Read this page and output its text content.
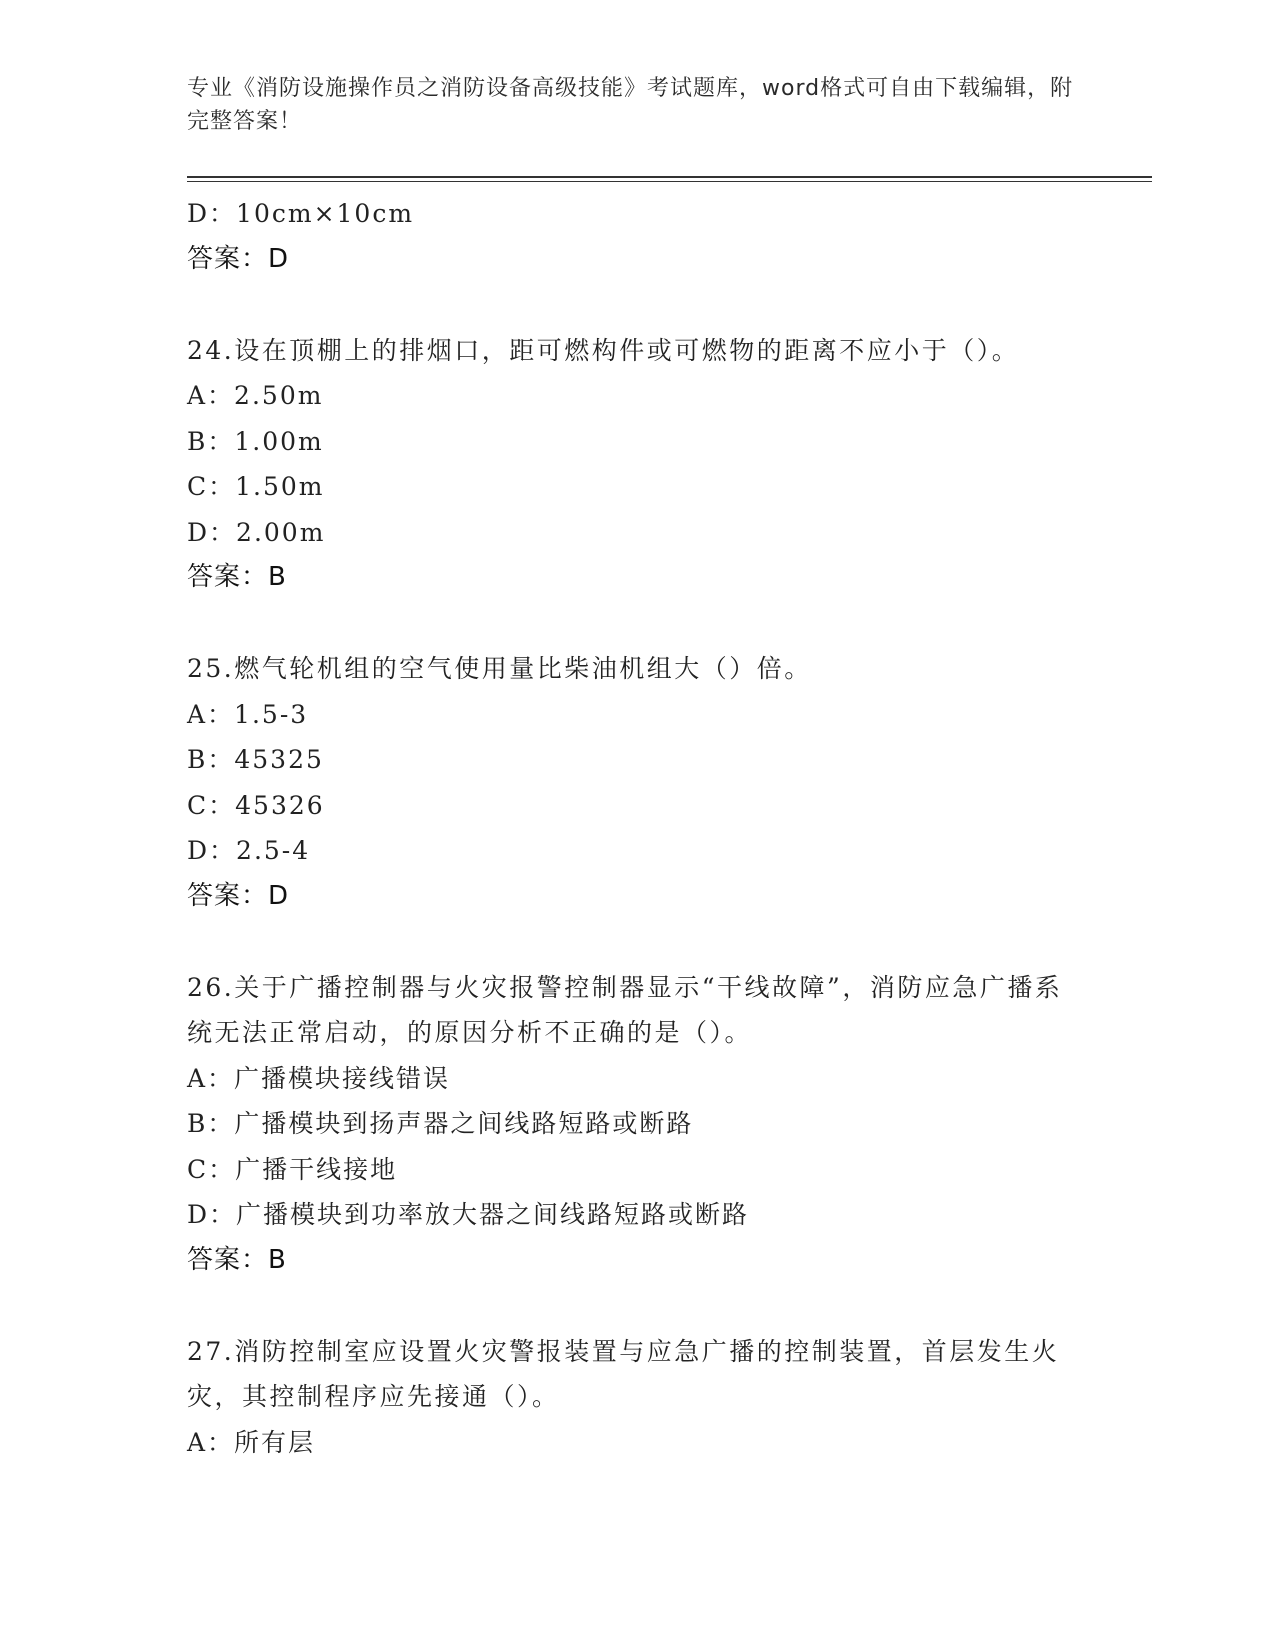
专业《消防设施操作员之消防设备高级技能》考试题库，word格式可自由下载编辑，附完整答案！
D：10cm×10cm
答案：D
24.设在顶棚上的排烟口，距可燃构件或可燃物的距离不应小于（）。
A：2.50m
B：1.00m
C：1.50m
D：2.00m
答案：B
25.燃气轮机组的空气使用量比柴油机组大（）倍。
A：1.5-3
B：45325
C：45326
D：2.5-4
答案：D
26.关于广播控制器与火灾报警控制器显示“干线故障”，消防应急广播系统无法正常启动，的原因分析不正确的是（）。
A：广播模块接线错误
B：广播模块到扬声器之间线路短路或断路
C：广播干线接地
D：广播模块到功率放大器之间线路短路或断路
答案：B
27.消防控制室应设置火灾警报装置与应急广播的控制装置，首层发生火灾，其控制程序应先接通（）。
A：所有层
